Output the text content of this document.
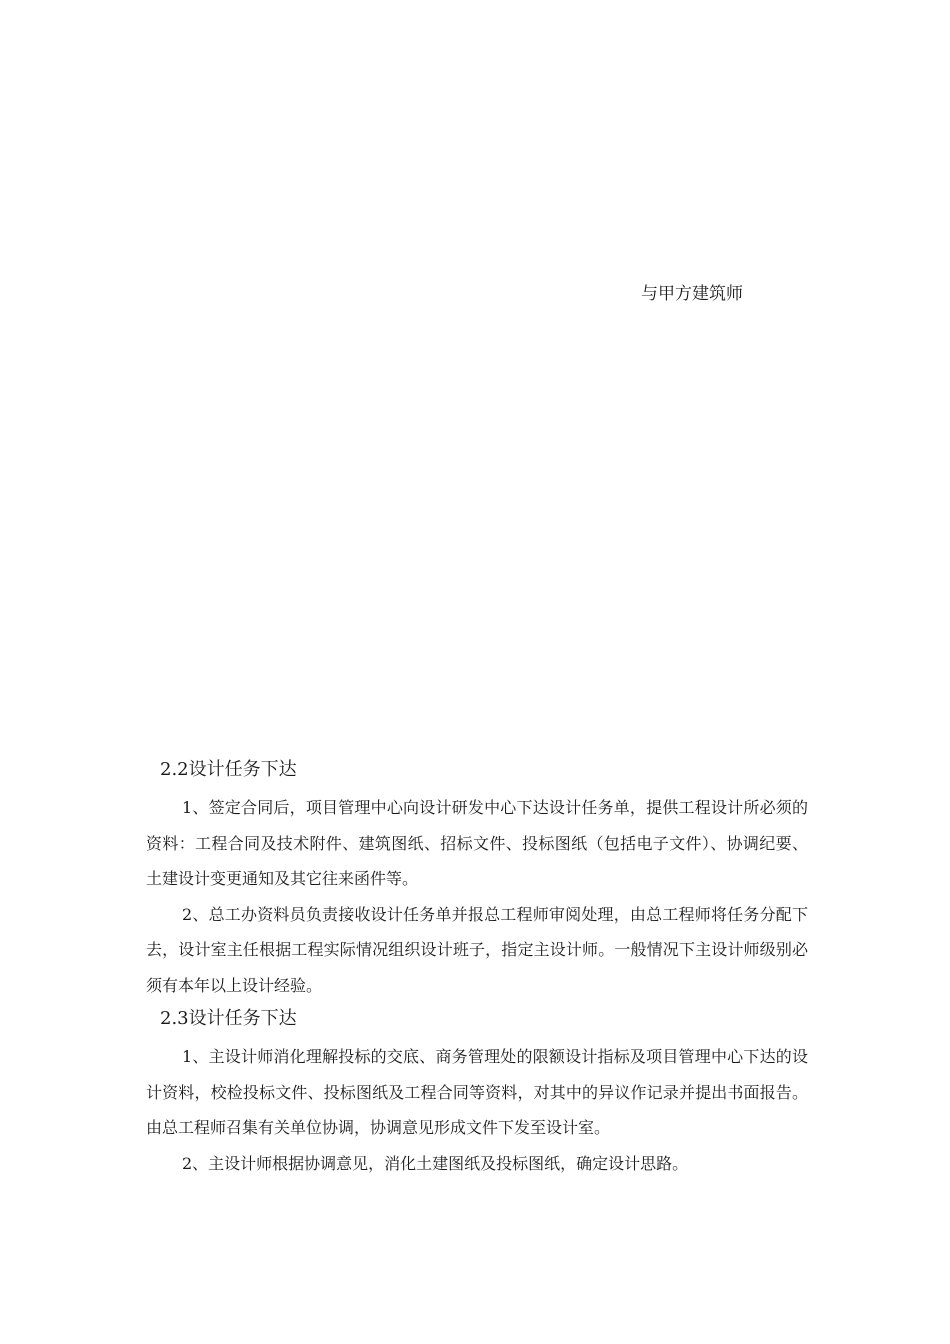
与甲方建筑师
2.2设计任务下达

1、签定合同后，项目管理中心向设计研发中心下达设计任务单，提供工程设计所必须的资料：工程合同及技术附件、建筑图纸、招标文件、投标图纸（包括电子文件）、协调纪要、土建设计变更通知及其它往来函件等。

2、总工办资料员负责接收设计任务单并报总工程师审阅处理，由总工程师将任务分配下去，设计室主任根据工程实际情况组织设计班子，指定主设计师。一般情况下主设计师级别必须有本年以上设计经验。

2.3设计任务下达

1、主设计师消化理解投标的交底、商务管理处的限额设计指标及项目管理中心下达的设计资料，校检投标文件、投标图纸及工程合同等资料，对其中的异议作记录并提出书面报告。由总工程师召集有关单位协调，协调意见形成文件下发至设计室。

2、主设计师根据协调意见，消化土建图纸及投标图纸，确定设计思路。
